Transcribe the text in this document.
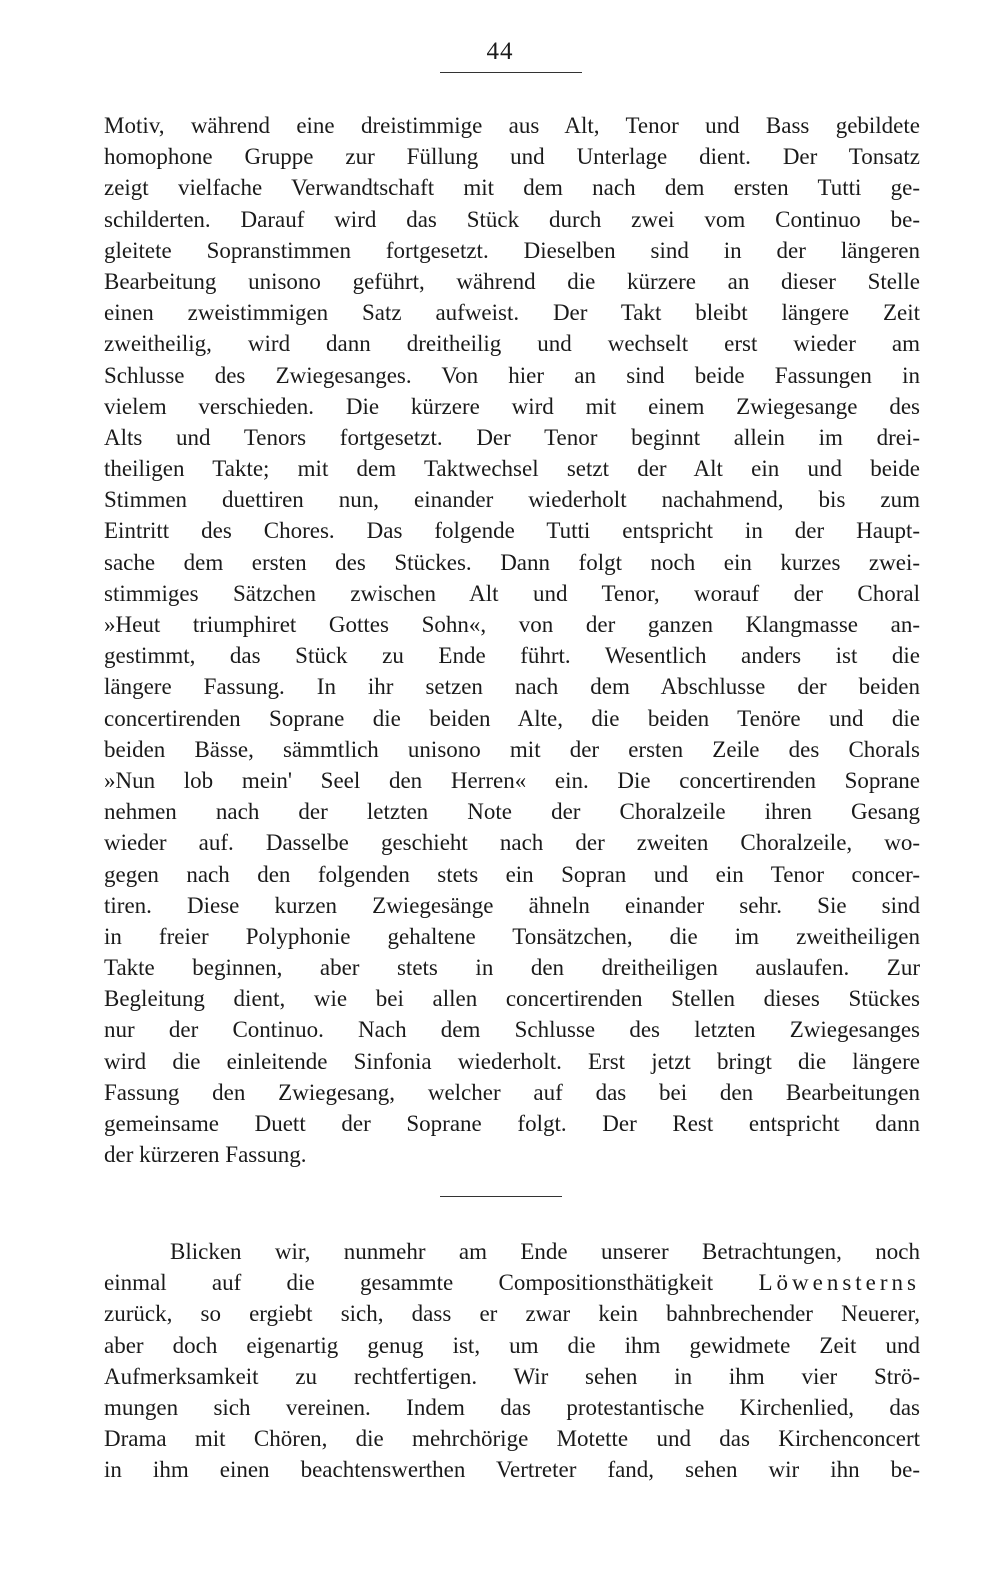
44
Motiv, während eine dreistimmige aus Alt, Tenor und Bass gebildete
homophone Gruppe zur Füllung und Unterlage dient. Der Tonsatz
zeigt vielfache Verwandtschaft mit dem nach dem ersten Tutti ge-
schilderten. Darauf wird das Stück durch zwei vom Continuo be-
gleitete Sopranstimmen fortgesetzt. Dieselben sind in der längeren
Bearbeitung unisono geführt, während die kürzere an dieser Stelle
einen zweistimmigen Satz aufweist. Der Takt bleibt längere Zeit
zweitheilig, wird dann dreitheilig und wechselt erst wieder am
Schlusse des Zwiegesanges. Von hier an sind beide Fassungen in
vielem verschieden. Die kürzere wird mit einem Zwiegesange des
Alts und Tenors fortgesetzt. Der Tenor beginnt allein im drei-
theiligen Takte; mit dem Taktwechsel setzt der Alt ein und beide
Stimmen duettiren nun, einander wiederholt nachahmend, bis zum
Eintritt des Chores. Das folgende Tutti entspricht in der Haupt-
sache dem ersten des Stückes. Dann folgt noch ein kurzes zwei-
stimmiges Sätzchen zwischen Alt und Tenor, worauf der Choral
»Heut triumphiret Gottes Sohn«, von der ganzen Klangmasse an-
gestimmt, das Stück zu Ende führt. Wesentlich anders ist die
längere Fassung. In ihr setzen nach dem Abschlusse der beiden
concertirenden Soprane die beiden Alte, die beiden Tenöre und die
beiden Bässe, sämmtlich unisono mit der ersten Zeile des Chorals
»Nun lob mein' Seel den Herren« ein. Die concertirenden Soprane
nehmen nach der letzten Note der Choralzeile ihren Gesang
wieder auf. Dasselbe geschieht nach der zweiten Choralzeile, wo-
gegen nach den folgenden stets ein Sopran und ein Tenor concer-
tiren. Diese kurzen Zwiegesänge ähneln einander sehr. Sie sind
in freier Polyphonie gehaltene Tonsätzchen, die im zweitheiligen
Takte beginnen, aber stets in den dreitheiligen auslaufen. Zur
Begleitung dient, wie bei allen concertirenden Stellen dieses Stückes
nur der Continuo. Nach dem Schlusse des letzten Zwiegesanges
wird die einleitende Sinfonia wiederholt. Erst jetzt bringt die längere
Fassung den Zwiegesang, welcher auf das bei den Bearbeitungen
gemeinsame Duett der Soprane folgt. Der Rest entspricht dann
der kürzeren Fassung.
Blicken wir, nunmehr am Ende unserer Betrachtungen, noch
einmal auf die gesammte Compositionsthätigkeit Löwensterns
zurück, so ergiebt sich, dass er zwar kein bahnbrechender Neuerer,
aber doch eigenartig genug ist, um die ihm gewidmete Zeit und
Aufmerksamkeit zu rechtfertigen. Wir sehen in ihm vier Strö-
mungen sich vereinen. Indem das protestantische Kirchenlied, das
Drama mit Chören, die mehrchörige Motette und das Kirchenconcert
in ihm einen beachtenswerthen Vertreter fand, sehen wir ihn be-
